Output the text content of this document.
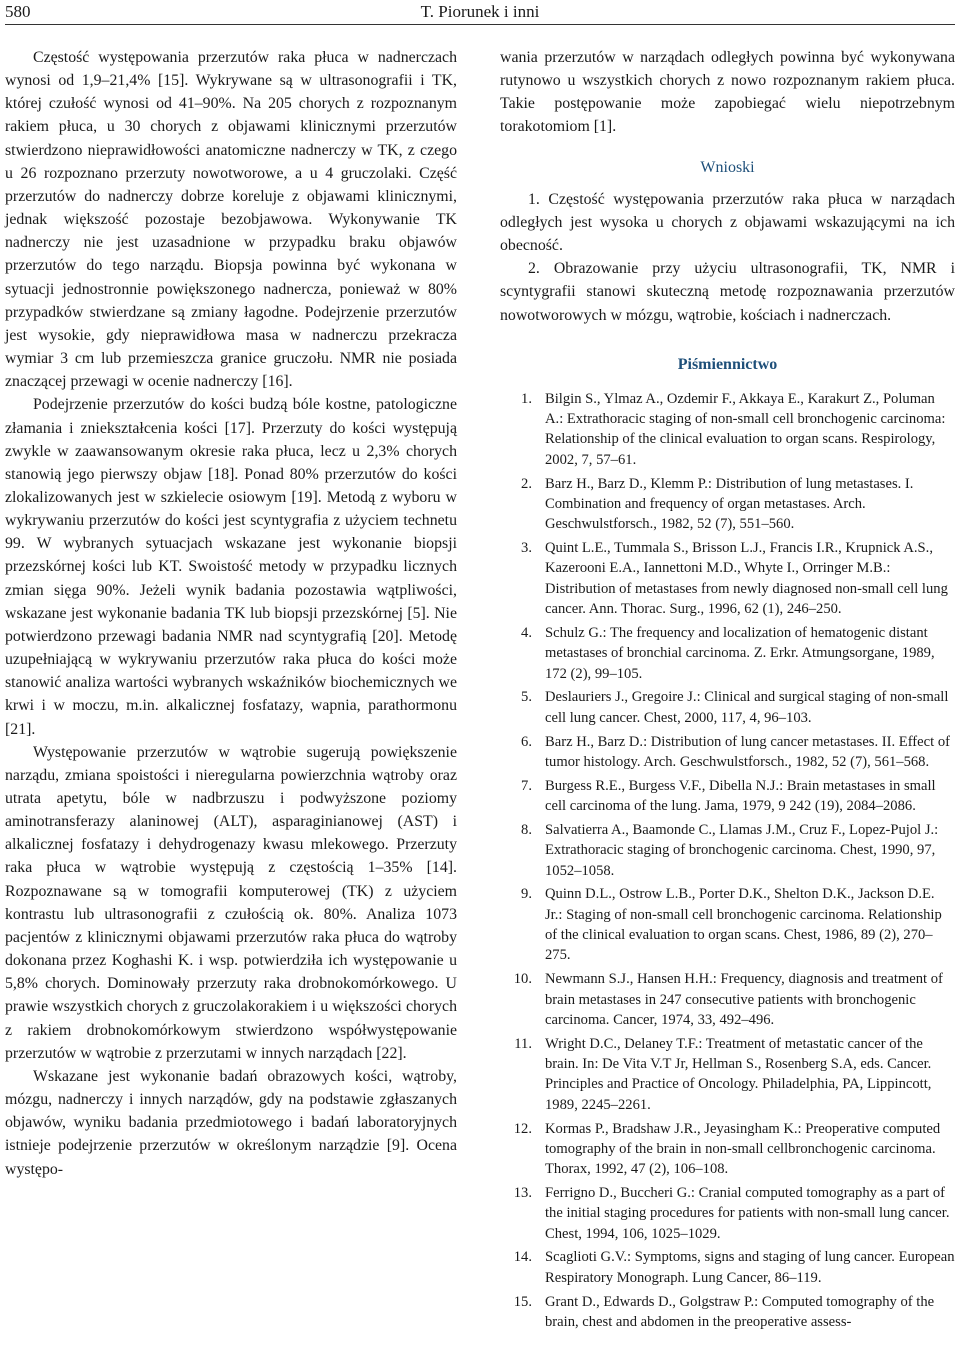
580	T. Piorunek i inni

Częstość występowania przerzutów raka płuca w nadnerczach wynosi od 1,9–21,4% [15]. Wykrywane są w ultrasonografii i TK, której czułość wynosi od 41–90%. Na 205 chorych z rozpoznanym rakiem płuca, u 30 chorych z objawami klinicznymi przerzutów stwierdzono nieprawidłowości anatomiczne nadnerczy w TK, z czego u 26 rozpoznano przerzuty nowotworowe, a u 4 gruczolaki. Część przerzutów do nadnerczy dobrze koreluje z objawami klinicznymi, jednak większość pozostaje bezobjawowa. Wykonywanie TK nadnerczy nie jest uzasadnione w przypadku braku objawów przerzutów do tego narządu. Biopsja powinna być wykonana w sytuacji jednostronnie powiększonego nadnercza, ponieważ w 80% przypadków stwierdzane są zmiany łagodne. Podejrzenie przerzutów jest wysokie, gdy nieprawidłowa masa w nadnerczu przekracza wymiar 3 cm lub przemieszcza granice gruczołu. NMR nie posiada znaczącej przewagi w ocenie nadnerczy [16].

Podejrzenie przerzutów do kości budzą bóle kostne, patologiczne złamania i zniekształcenia kości [17]. Przerzuty do kości występują zwykle w zaawansowanym okresie raka płuca, lecz u 2,3% chorych stanowią jego pierwszy objaw [18]. Ponad 80% przerzutów do kości zlokalizowanych jest w szkielecie osiowym [19]. Metodą z wyboru w wykrywaniu przerzutów do kości jest scyntygrafia z użyciem technetu 99. W wybranych sytuacjach wskazane jest wykonanie biopsji przezskórnej kości lub KT. Swoistość metody w przypadku licznych zmian sięga 90%. Jeżeli wynik badania pozostawia wątpliwości, wskazane jest wykonanie badania TK lub biopsji przezskórnej [5]. Nie potwierdzono przewagi badania NMR nad scyntygrafią [20]. Metodę uzupełniającą w wykrywaniu przerzutów raka płuca do kości może stanowić analiza wartości wybranych wskaźników biochemicznych we krwi i w moczu, m.in. alkalicznej fosfatazy, wapnia, parathormonu [21].

Występowanie przerzutów w wątrobie sugerują powiększenie narządu, zmiana spoistości i nieregularna powierzchnia wątroby oraz utrata apetytu, bóle w nadbrzuszu i podwyższone poziomy aminotransferazy alaninowej (ALT), asparaginianowej (AST) i alkalicznej fosfatazy i dehydrogenazy kwasu mlekowego. Przerzuty raka płuca w wątrobie występują z częstością 1–35% [14]. Rozpoznawane są w tomografii komputerowej (TK) z użyciem kontrastu lub ultrasonografii z czułością ok. 80%. Analiza 1073 pacjentów z klinicznymi objawami przerzutów raka płuca do wątroby dokonana przez Koghashi K. i wsp. potwierdziła ich występowanie u 5,8% chorych. Dominowały przerzuty raka drobnokomórkowego. U prawie wszystkich chorych z gruczolakorakiem i u większości chorych z rakiem drobnokomórkowym stwierdzono współwystępowanie przerzutów w wątrobie z przerzutami w innych narządach [22].

Wskazane jest wykonanie badań obrazowych kości, wątroby, mózgu, nadnerczy i innych narządów, gdy na podstawie zgłaszanych objawów, wyniku badania przedmiotowego i badań laboratoryjnych istnieje podejrzenie przerzutów w określonym narządzie [9]. Ocena występo-

wania przerzutów w narządach odległych powinna być wykonywana rutynowo u wszystkich chorych z nowo rozpoznanym rakiem płuca. Takie postępowanie może zapobiegać wielu niepotrzebnym torakotomiom [1].

Wnioski

1. Częstość występowania przerzutów raka płuca w narządach odległych jest wysoka u chorych z objawami wskazującymi na ich obecność.

2. Obrazowanie przy użyciu ultrasonografii, TK, NMR i scyntygrafii stanowi skuteczną metodę rozpoznawania przerzutów nowotworowych w mózgu, wątrobie, kościach i nadnerczach.

Piśmiennictwo
1. Bilgin S., Ylmaz A., Ozdemir F., Akkaya E., Karakurt Z., Poluman A.: Extrathoracic staging of non-small cell bronchogenic carcinoma: Relationship of the clinical evaluation to organ scans. Respirology, 2002, 7, 57–61.
2. Barz H., Barz D., Klemm P.: Distribution of lung metastases. I. Combination and frequency of organ metastases. Arch. Geschwulstforsch., 1982, 52 (7), 551–560.
3. Quint L.E., Tummala S., Brisson L.J., Francis I.R., Krupnick A.S., Kazerooni E.A., Iannettoni M.D., Whyte I., Orringer M.B.: Distribution of metastases from newly diagnosed non-small cell lung cancer. Ann. Thorac. Surg., 1996, 62 (1), 246–250.
4. Schulz G.: The frequency and localization of hematogenic distant metastases of bronchial carcinoma. Z. Erkr. Atmungsorgane, 1989, 172 (2), 99–105.
5. Deslauriers J., Gregoire J.: Clinical and surgical staging of non-small cell lung cancer. Chest, 2000, 117, 4, 96–103.
6. Barz H., Barz D.: Distribution of lung cancer metastases. II. Effect of tumor histology. Arch. Geschwulstforsch., 1982, 52 (7), 561–568.
7. Burgess R.E., Burgess V.F., Dibella N.J.: Brain metastases in small cell carcinoma of the lung. Jama, 1979, 9 242 (19), 2084–2086.
8. Salvatierra A., Baamonde C., Llamas J.M., Cruz F., Lopez-Pujol J.: Extrathoracic staging of bronchogenic carcinoma. Chest, 1990, 97, 1052–1058.
9. Quinn D.L., Ostrow L.B., Porter D.K., Shelton D.K., Jackson D.E. Jr.: Staging of non-small cell bronchogenic carcinoma. Relationship of the clinical evaluation to organ scans. Chest, 1986, 89 (2), 270–275.
10. Newmann S.J., Hansen H.H.: Frequency, diagnosis and treatment of brain metastases in 247 consecutive patients with bronchogenic carcinoma. Cancer, 1974, 33, 492–496.
11. Wright D.C., Delaney T.F.: Treatment of metastatic cancer of the brain. In: De Vita V.T Jr, Hellman S., Rosenberg S.A, eds. Cancer. Principles and Practice of Oncology. Philadelphia, PA, Lippincott, 1989, 2245–2261.
12. Kormas P., Bradshaw J.R., Jeyasingham K.: Preoperative computed tomography of the brain in non-small cellbronchogenic carcinoma. Thorax, 1992, 47 (2), 106–108.
13. Ferrigno D., Buccheri G.: Cranial computed tomography as a part of the initial staging procedures for patients with non-small lung cancer. Chest, 1994, 106, 1025–1029.
14. Scaglioti G.V.: Symptoms, signs and staging of lung cancer. European Respiratory Monograph. Lung Cancer, 86–119.
15. Grant D., Edwards D., Golgstraw P.: Computed tomography of the brain, chest and abdomen in the preoperative assess-
